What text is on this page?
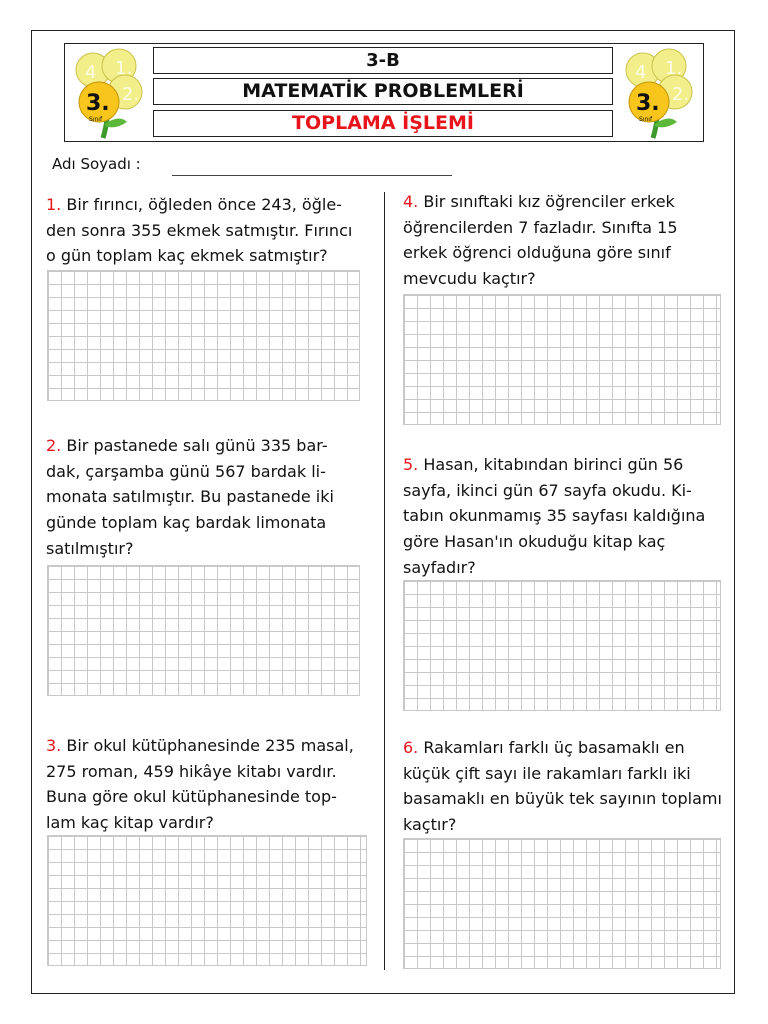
4 1.
2.
3.
Sınıf
3-B
MATEMATİK PROBLEMLERİ
TOPLAMA İŞLEMİ
4 1.
2.
3.
Sınıf
Adı Soyadı :
1. Bir fırıncı, öğleden önce 243, öğle-
den sonra 355 ekmek satmıştır. Fırıncı
o gün toplam kaç ekmek satmıştır?
2. Bir pastanede salı günü 335 bar-
dak, çarşamba günü 567 bardak li-
monata satılmıştır. Bu pastanede iki
günde toplam kaç bardak limonata
satılmıştır?
3. Bir okul kütüphanesinde 235 masal,
275 roman, 459 hikâye kitabı vardır.
Buna göre okul kütüphanesinde top-
lam kaç kitap vardır?
4. Bir sınıftaki kız öğrenciler erkek
öğrencilerden 7 fazladır. Sınıfta 15
erkek öğrenci olduğuna göre sınıf
mevcudu kaçtır?
5. Hasan, kitabından birinci gün 56
sayfa, ikinci gün 67 sayfa okudu. Ki-
tabın okunmamış 35 sayfası kaldığına
göre Hasan'ın okuduğu kitap kaç
sayfadır?
6. Rakamları farklı üç basamaklı en
küçük çift sayı ile rakamları farklı iki
basamaklı en büyük tek sayının toplamı
kaçtır?
